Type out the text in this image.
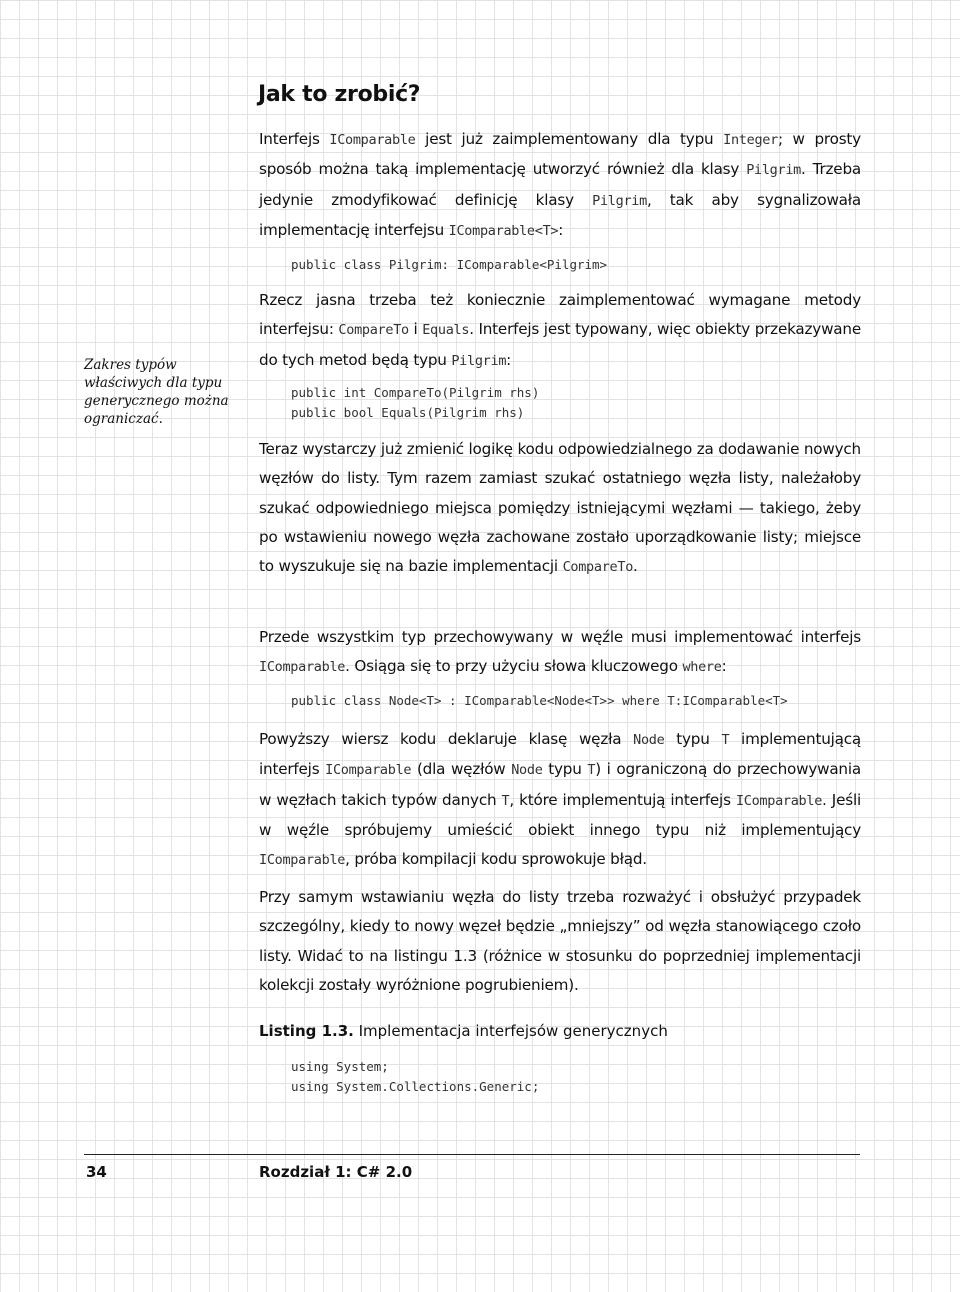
Jak to zrobić?
Zakres typów właściwych dla typu generycznego można ograniczać.

Interfejs IComparable jest już zaimplementowany dla typu Integer; w prosty sposób można taką implementację utworzyć również dla klasy Pilgrim. Trzeba jedynie zmodyfikować definicję klasy Pilgrim, tak aby sygnalizowała implementację interfejsu IComparable<T>:

public class Pilgrim: IComparable<Pilgrim>

Rzecz jasna trzeba też koniecznie zaimplementować wymagane metody interfejsu: CompareTo i Equals. Interfejs jest typowany, więc obiekty przekazywane do tych metod będą typu Pilgrim:

public int CompareTo(Pilgrim rhs)
public bool Equals(Pilgrim rhs)

Teraz wystarczy już zmienić logikę kodu odpowiedzialnego za dodawanie nowych węzłów do listy. Tym razem zamiast szukać ostatniego węzła listy, należałoby szukać odpowiedniego miejsca pomiędzy istniejącymi węzłami — takiego, żeby po wstawieniu nowego węzła zachowane zostało uporządkowanie listy; miejsce to wyszukuje się na bazie implementacji CompareTo.

Przede wszystkim typ przechowywany w węźle musi implementować interfejs IComparable. Osiąga się to przy użyciu słowa kluczowego where:

public class Node<T> : IComparable<Node<T>> where T:IComparable<T>

Powyższy wiersz kodu deklaruje klasę węzła Node typu T implementującą interfejs IComparable (dla węzłów Node typu T) i ograniczoną do przechowywania w węzłach takich typów danych T, które implementują interfejs IComparable. Jeśli w węźle spróbujemy umieścić obiekt innego typu niż implementujący IComparable, próba kompilacji kodu sprowokuje błąd.

Przy samym wstawianiu węzła do listy trzeba rozważyć i obsłużyć przypadek szczególny, kiedy to nowy węzeł będzie „mniejszy” od węzła stanowiącego czoło listy. Widać to na listingu 1.3 (różnice w stosunku do poprzedniej implementacji kolekcji zostały wyróżnione pogrubieniem).

Listing 1.3. Implementacja interfejsów generycznych

using System;
using System.Collections.Generic;
34	Rozdział 1: C# 2.0
